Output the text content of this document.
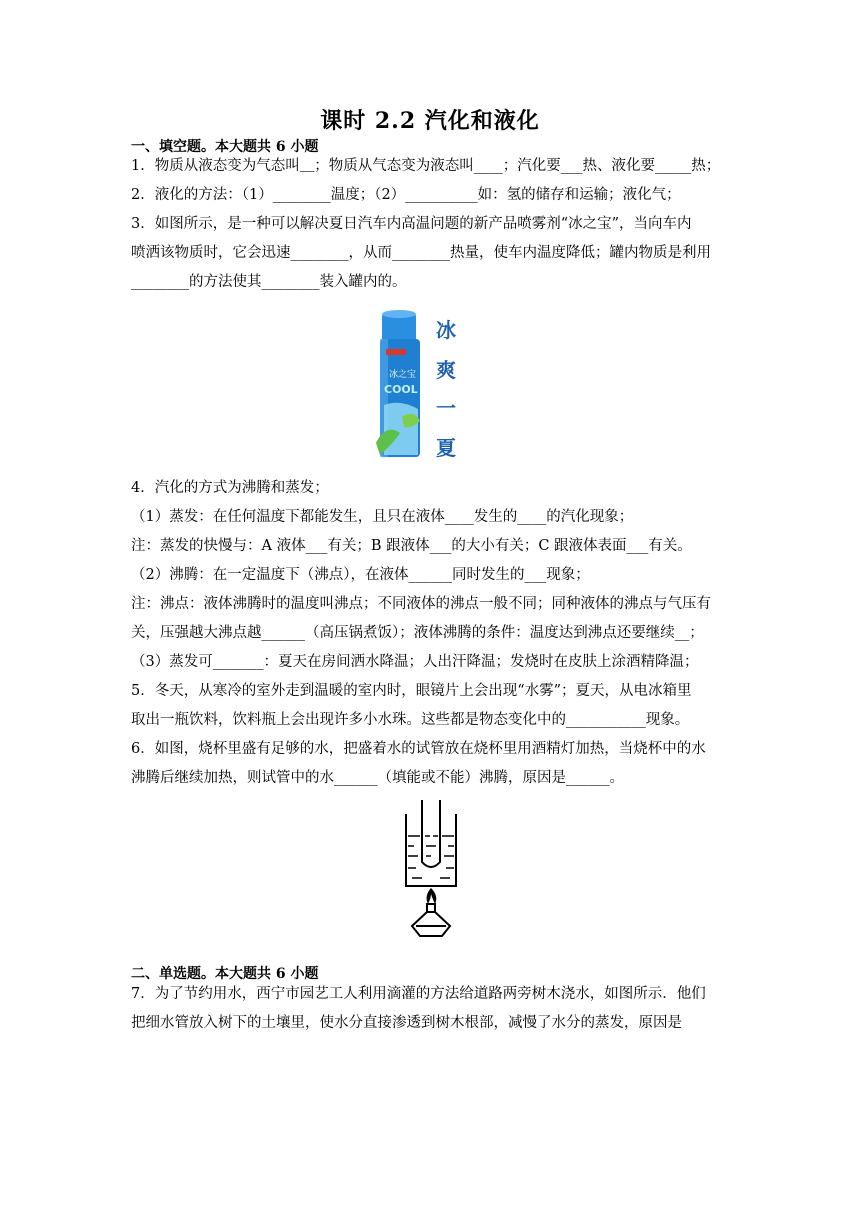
课时 2.2 汽化和液化
一、填空题。本大题共 6 小题
1．物质从液态变为气态叫＿；物质从气态变为液态叫____；汽化要___热、液化要_____热；
2．液化的方法：（1）________温度；（2）__________如：氢的储存和运输；液化气；
3．如图所示，是一种可以解决夏日汽车内高温问题的新产品喷雾剂“冰之宝”，当向车内
喷洒该物质时，它会迅速________，从而________热量，使车内温度降低；罐内物质是利用
________的方法使其________装入罐内的。
冰之宝
COOL
冰
爽
一
夏
4．汽化的方式为沸腾和蒸发；
（1）蒸发：在任何温度下都能发生，且只在液体____发生的____的汽化现象；
注：蒸发的快慢与：A 液体___有关；B 跟液体___的大小有关；C 跟液体表面___有关。
（2）沸腾：在一定温度下（沸点），在液体______同时发生的___现象；
注：沸点：液体沸腾时的温度叫沸点；不同液体的沸点一般不同；同种液体的沸点与气压有
关，压强越大沸点越______（高压锅煮饭）；液体沸腾的条件：温度达到沸点还要继续__；
（3）蒸发可_______：夏天在房间洒水降温；人出汗降温；发烧时在皮肤上涂酒精降温；
5．冬天，从寒冷的室外走到温暖的室内时，眼镜片上会出现“水雾”；夏天，从电冰箱里
取出一瓶饮料，饮料瓶上会出现许多小水珠。这些都是物态变化中的___________现象。
6．如图，烧杯里盛有足够的水，把盛着水的试管放在烧杯里用酒精灯加热，当烧杯中的水
沸腾后继续加热，则试管中的水______（填能或不能）沸腾，原因是______。
二、单选题。本大题共 6 小题
7．为了节约用水，西宁市园艺工人利用滴灌的方法给道路两旁树木浇水，如图所示．他们
把细水管放入树下的土壤里，使水分直接渗透到树木根部，减慢了水分的蒸发，原因是
